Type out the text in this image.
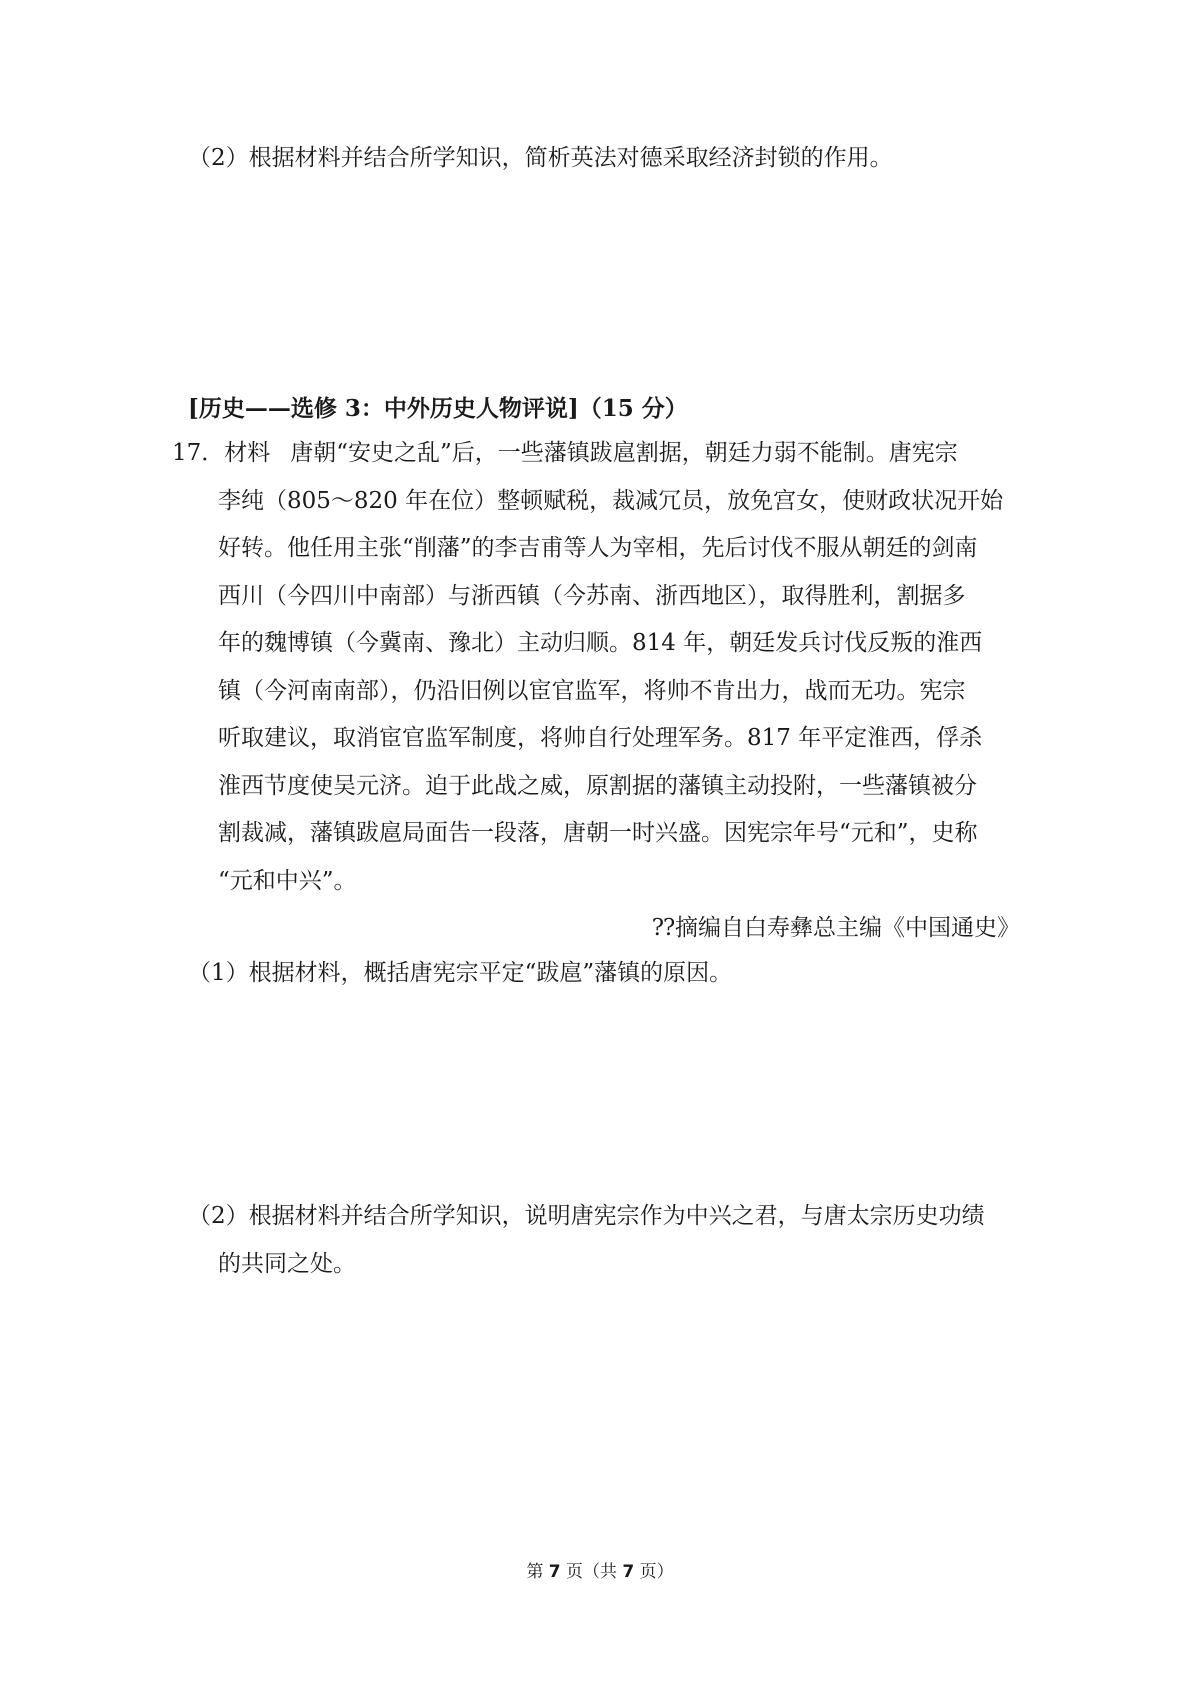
（2）根据材料并结合所学知识，简析英法对德采取经济封锁的作用。
[历史——选修 3：中外历史人物评说]（15 分）
17．材料 唐朝“安史之乱”后，一些藩镇跋扈割据，朝廷力弱不能制。唐宪宗
李纯（805～820 年在位）整顿赋税，裁减冗员，放免宫女，使财政状况开始
好转。他任用主张“削藩”的李吉甫等人为宰相，先后讨伐不服从朝廷的剑南
西川（今四川中南部）与浙西镇（今苏南、浙西地区），取得胜利，割据多
年的魏博镇（今冀南、豫北）主动归顺。814 年，朝廷发兵讨伐反叛的淮西
镇（今河南南部），仍沿旧例以宦官监军，将帅不肯出力，战而无功。宪宗
听取建议，取消宦官监军制度，将帅自行处理军务。817 年平定淮西，俘杀
淮西节度使吴元济。迫于此战之威，原割据的藩镇主动投附，一些藩镇被分
割裁减，藩镇跋扈局面告一段落，唐朝一时兴盛。因宪宗年号“元和”，史称
“元和中兴”。
⁇摘编自白寿彝总主编《中国通史》
（1）根据材料，概括唐宪宗平定“跋扈”藩镇的原因。
（2）根据材料并结合所学知识，说明唐宪宗作为中兴之君，与唐太宗历史功绩
的共同之处。
第 7 页（共 7 页）
